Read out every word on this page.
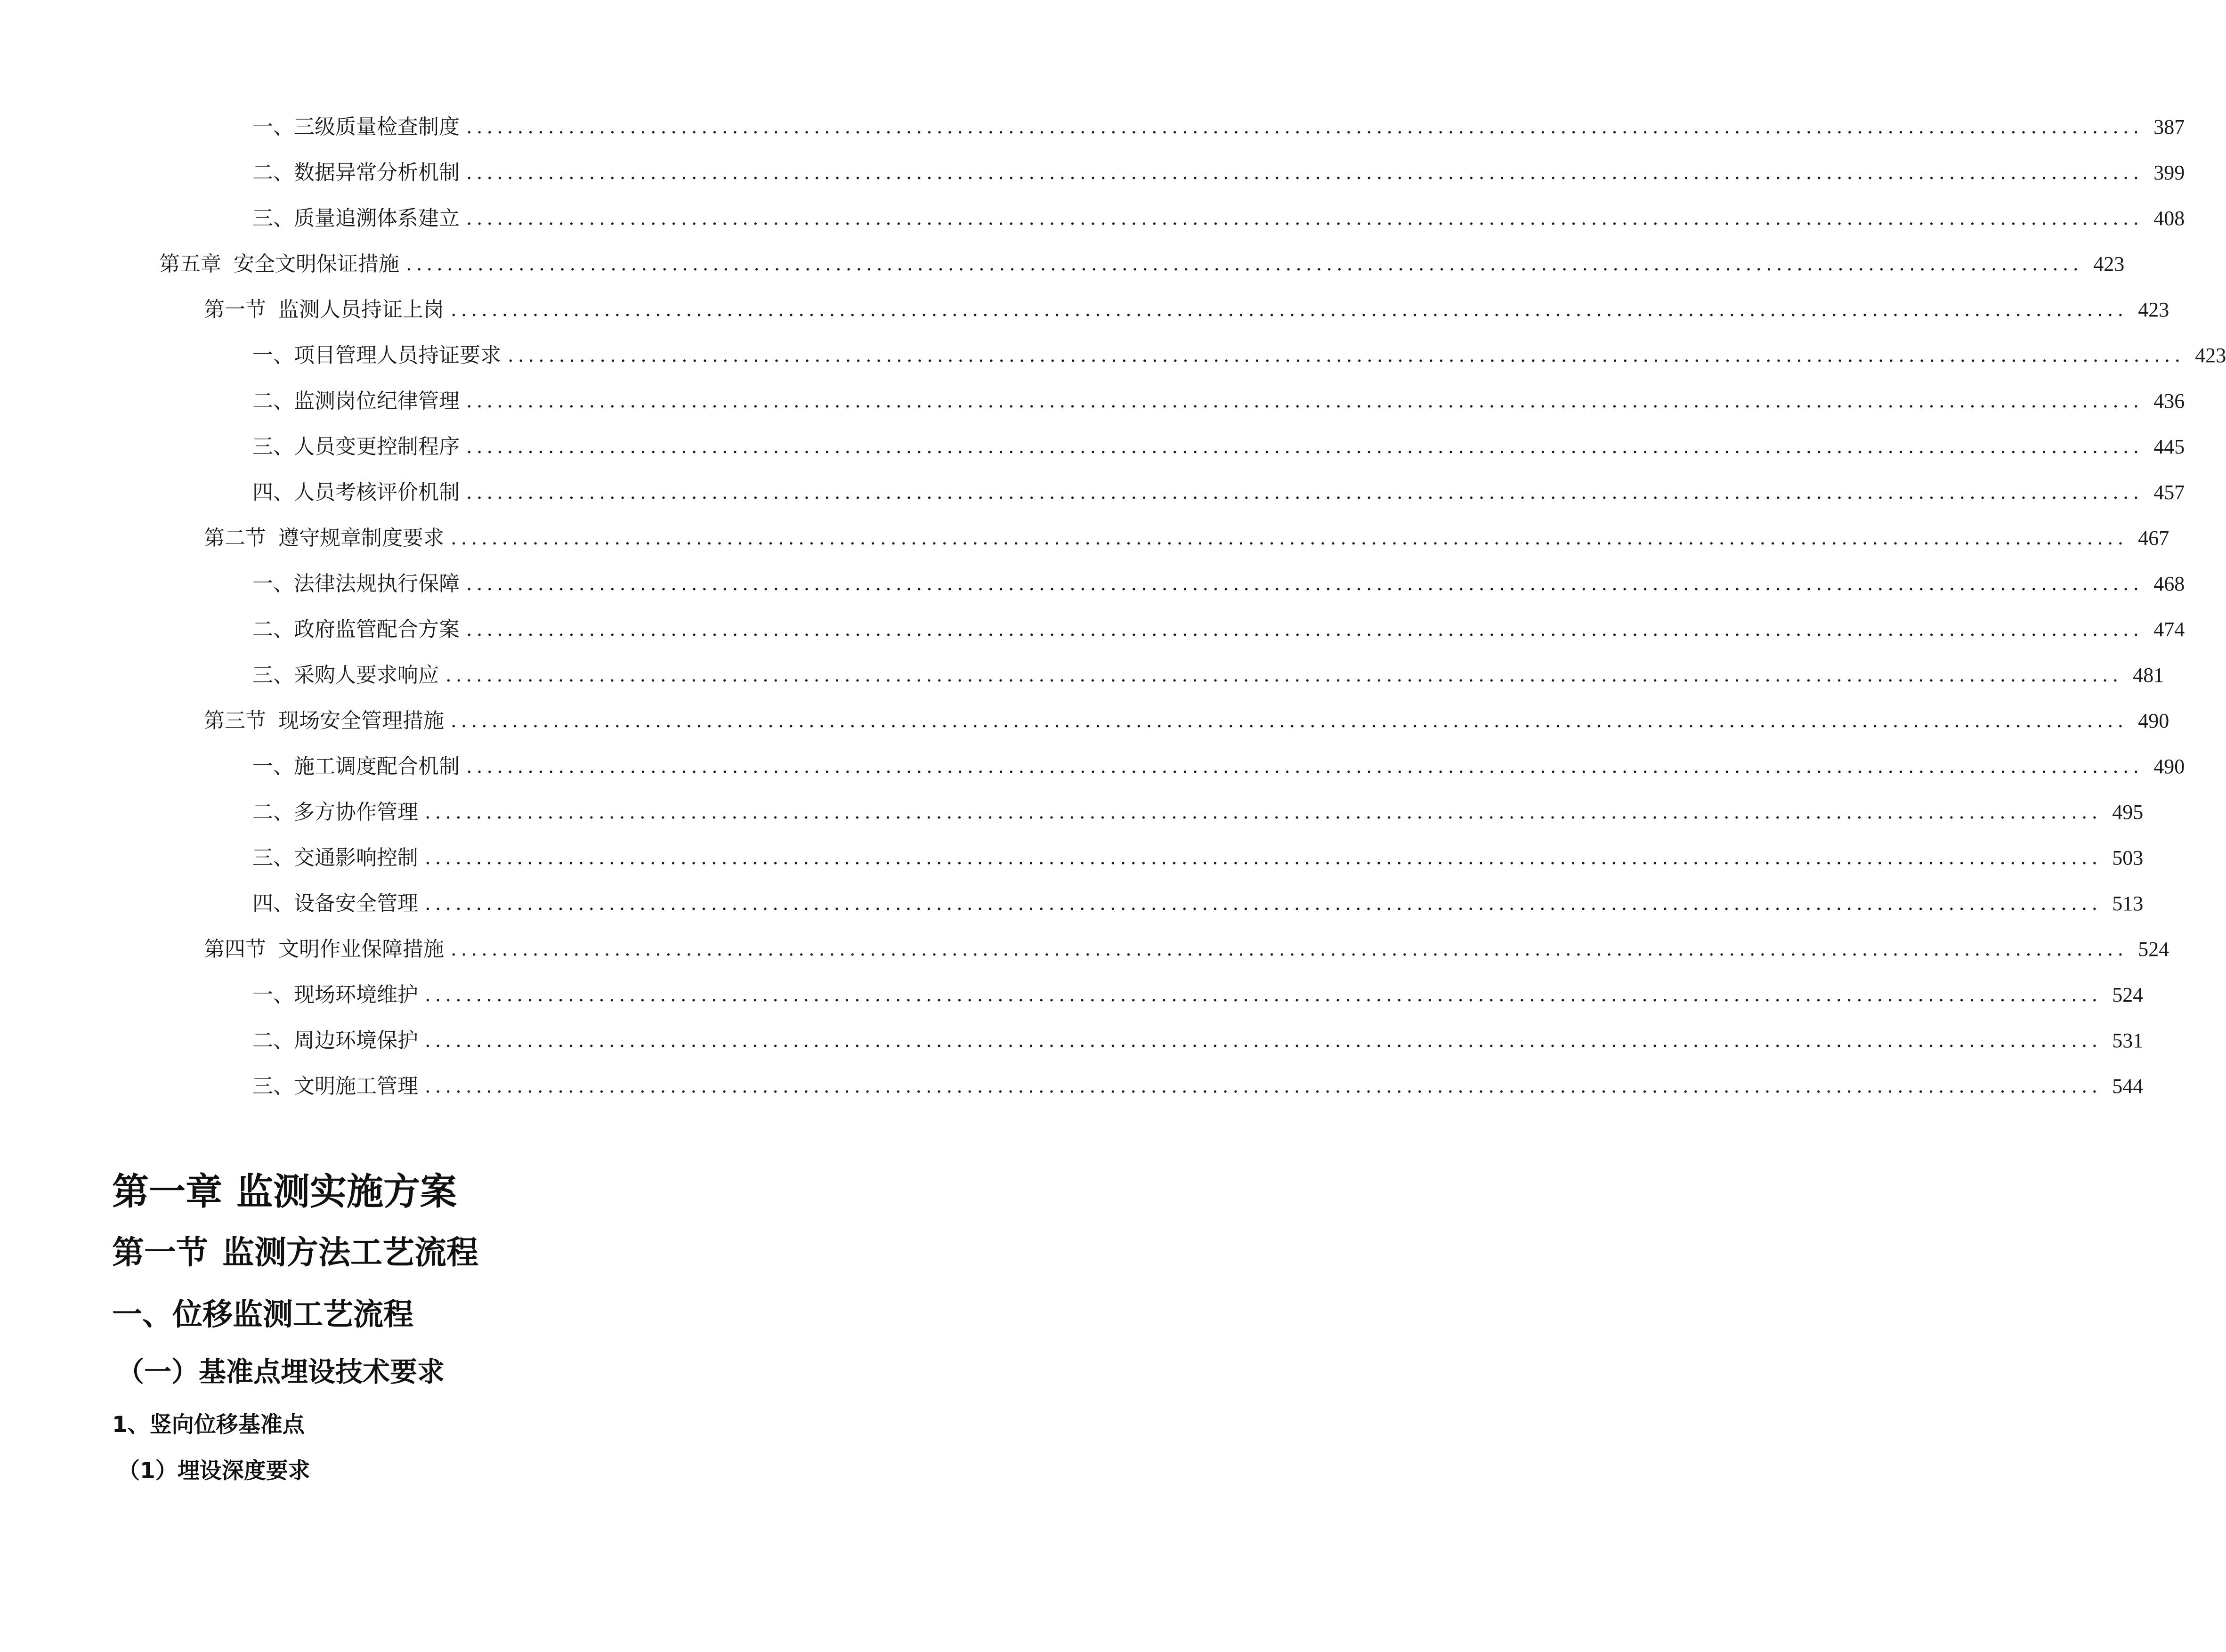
一、 三级质量检查制度 .................................................................................................................................................................... 387
二、 数据异常分析机制 .................................................................................................................................................................... 399
三、 质量追溯体系建立 .................................................................................................................................................................... 408
第五章 安全文明保证措施 .................................................................................................................................................................... 423
第一节 监测人员持证上岗 .................................................................................................................................................................... 423
一、 项目管理人员持证要求 .................................................................................................................................................................... 423
二、 监测岗位纪律管理 .................................................................................................................................................................... 436
三、 人员变更控制程序 .................................................................................................................................................................... 445
四、 人员考核评价机制 .................................................................................................................................................................... 457
第二节 遵守规章制度要求 .................................................................................................................................................................... 467
一、 法律法规执行保障 .................................................................................................................................................................... 468
二、 政府监管配合方案 .................................................................................................................................................................... 474
三、 采购人要求响应 .................................................................................................................................................................... 481
第三节 现场安全管理措施 .................................................................................................................................................................... 490
一、 施工调度配合机制 .................................................................................................................................................................... 490
二、 多方协作管理 .................................................................................................................................................................... 495
三、 交通影响控制 .................................................................................................................................................................... 503
四、 设备安全管理 .................................................................................................................................................................... 513
第四节 文明作业保障措施 .................................................................................................................................................................... 524
一、 现场环境维护 .................................................................................................................................................................... 524
二、 周边环境保护 .................................................................................................................................................................... 531
三、 文明施工管理 .................................................................................................................................................................... 544
第一章 监测实施方案
第一节 监测方法工艺流程
一、位移监测工艺流程
（一）基准点埋设技术要求
1、竖向位移基准点
（1）埋设深度要求
